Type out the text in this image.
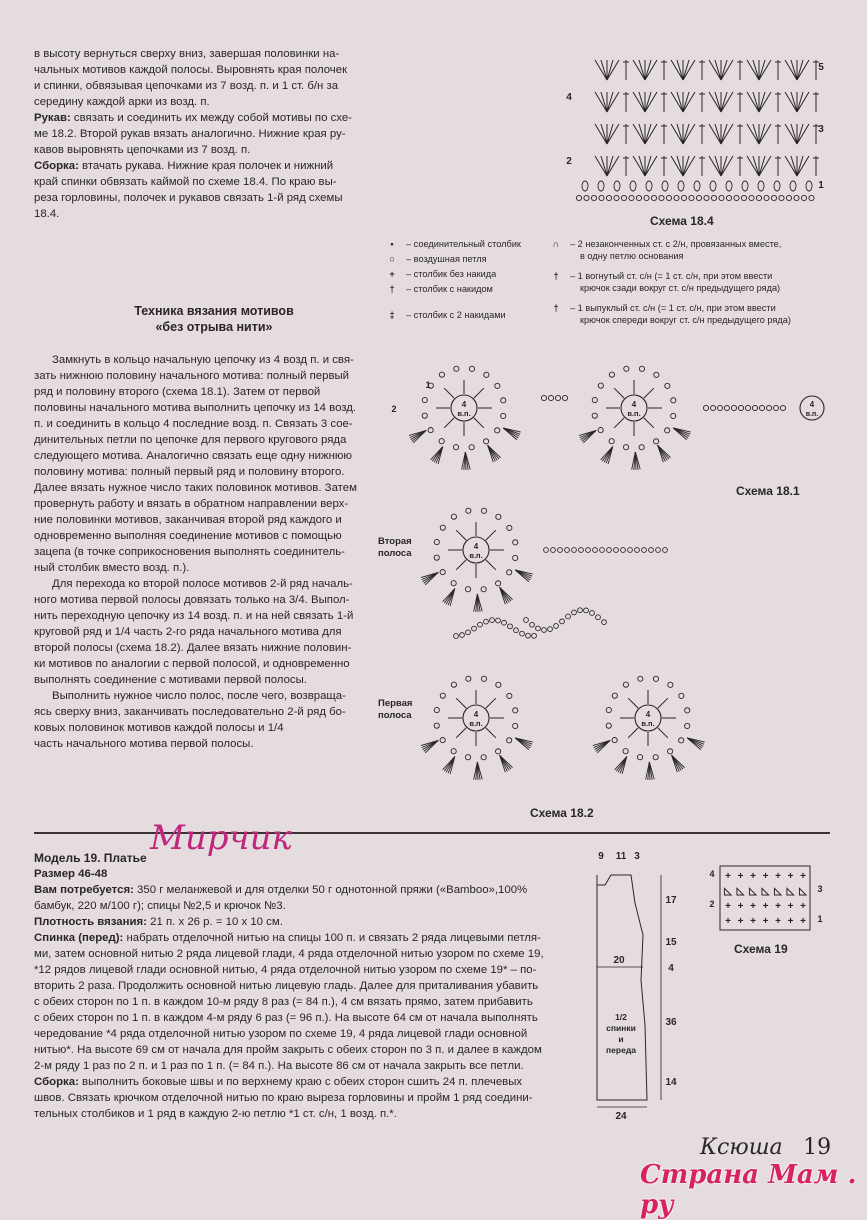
в высоту вернуться сверху вниз, завершая половинки на-

чальных мотивов каждой полосы. Выровнять края полочек

и спинки, обвязывая цепочками из 7 возд. п. и 1 ст. б/н за

середину каждой арки из возд. п.

Рукав: связать и соединить их между собой мотивы по схе-

ме 18.2. Второй рукав вязать аналогично. Нижние края ру-

кавов выровнять цепочками из 7 возд. п.

Сборка: втачать рукава. Нижние края полочек и нижний

край спинки обвязать каймой по схеме 18.4. По краю вы-

реза горловины, полочек и рукавов связать 1-й ряд схемы

18.4.

Техника вязания мотивов
«без отрыва нити»

Замкнуть в кольцо начальную цепочку из 4 возд п. и свя-

зать нижнюю половину начального мотива: полный первый

ряд и половину второго (схема 18.1). Затем от первой

половины начального мотива выполнить цепочку из 14 возд.

п. и соединить в кольцо 4 последние возд. п. Связать 3 сое-

динительных петли по цепочке для первого кругового ряда

следующего мотива. Аналогично связать еще одну нижнюю

половину мотива: полный первый ряд и половину второго.

Далее вязать нужное число таких половинок мотивов. Затем

провернуть работу и вязать в обратном направлении верх-

ние половинки мотивов, заканчивая второй ряд каждого и

одновременно выполняя соединение мотивов с помощью

зацепа (в точке соприкосновения выполнять соединитель-

ный столбик вместо возд. п.).

Для перехода ко второй полосе мотивов 2-й ряд началь-

ного мотива первой полосы довязать только на 3/4. Выпол-

нить переходную цепочку из 14 возд. п. и на ней связать 1-й

круговой ряд и 1/4 часть 2-го ряда начального мотива для

второй полосы (схема 18.2). Далее вязать нижние половин-

ки мотивов по аналогии с первой полосой, и одновременно

выполнять соединение с мотивами первой полосы.

Выполнить нужное число полос, после чего, возвраща-

ясь сверху вниз, заканчивать последовательно 2-й ряд бо-

ковых половинок мотивов каждой полосы и 1/4

часть начального мотива первой полосы.

•	– соединительный столбик
○	– воздушная петля
+	– столбик без накида
†	– столбик с накидом
‡	– столбик с 2 накидами
∩	– 2 незаконченных ст. с 2/н, провязанных вместе,
в одну петлю основания
†	– 1 вогнутый ст. с/н (= 1 ст. с/н, при этом ввести
крючок сзади вокруг ст. с/н предыдущего ряда)
†	– 1 выпуклый ст. с/н (= 1 ст. с/н, при этом ввести
крючок спереди вокруг ст. с/н предыдущего ряда)
5
3
1
4
2
Схема 18.4
4
в.п.
4
в.п.
4
в.п.
1
2
Схема 18.1
4
в.п.
4
в.п.
4
в.п.
Вторая
полоса
Первая
полоса
Схема 18.2
Мирчик
Модель 19. Платье
Размер 46-48
Вам потребуется: 350 г меланжевой и для отделки 50 г однотонной пряжи («Bamboo»,100%
бамбук, 220 м/100 г); спицы №2,5 и крючок №3.
Плотность вязания: 21 п. х 26 р. = 10 х 10 см.
Спинка (перед): набрать отделочной нитью на спицы 100 п. и связать 2 ряда лицевыми петля-
ми, затем основной нитью 2 ряда лицевой глади, 4 ряда отделочной нитью узором по схеме 19,
*12 рядов лицевой глади основной нитью, 4 ряда отделочной нитью узором по схеме 19* – по-
вторить 2 раза. Продолжить основной нитью лицевую гладь. Далее для приталивания убавить
с обеих сторон по 1 п. в каждом 10-м ряду 8 раз (= 84 п.), 4 см вязать прямо, затем прибавить
с обеих сторон по 1 п. в каждом 4-м ряду 6 раз (= 96 п.). На высоте 64 см от начала выполнять
чередование *4 ряда отделочной нитью узором по схеме 19, 4 ряда лицевой глади основной
нитью*. На высоте 69 см от начала для пройм закрыть с обеих сторон по 3 п. и далее в каждом
2-м ряду 1 раз по 2 п. и 1 раз по 1 п. (= 84 п.). На высоте 86 см от начала закрыть все петли.
Сборка: выполнить боковые швы и по верхнему краю с обеих сторон сшить 24 п. плечевых
швов. Связать крючком отделочной нитью по краю выреза горловины и пройм 1 ряд соедини-
тельных столбиков и 1 ряд в каждую 2-ю петлю *1 ст. с/н, 1 возд. п.*.
9 11 3
17
15
4
36
14
20
24
1/2
спинки
и
переда
+ + + + + + +
◺ ◺ ◺ ◺ ◺ ◺ ◺
+ + + + + + +
+ + + + + + +
4
2
3
1
Схема 19
Ксюша 19
Страна Мам . ру
